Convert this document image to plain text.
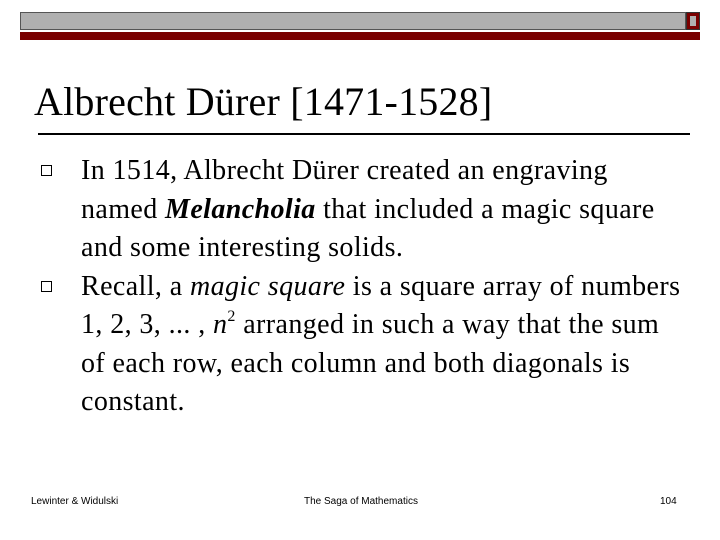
Albrecht Dürer [1471-1528]
In 1514, Albrecht Dürer created an engraving named Melancholia that included a magic square and some interesting solids.
Recall, a magic square is a square array of numbers 1, 2, 3, ... , $n^2$ arranged in such a way that the sum of each row, each column and both diagonals is constant.
Lewinter & Widulski	The Saga of Mathematics	104
